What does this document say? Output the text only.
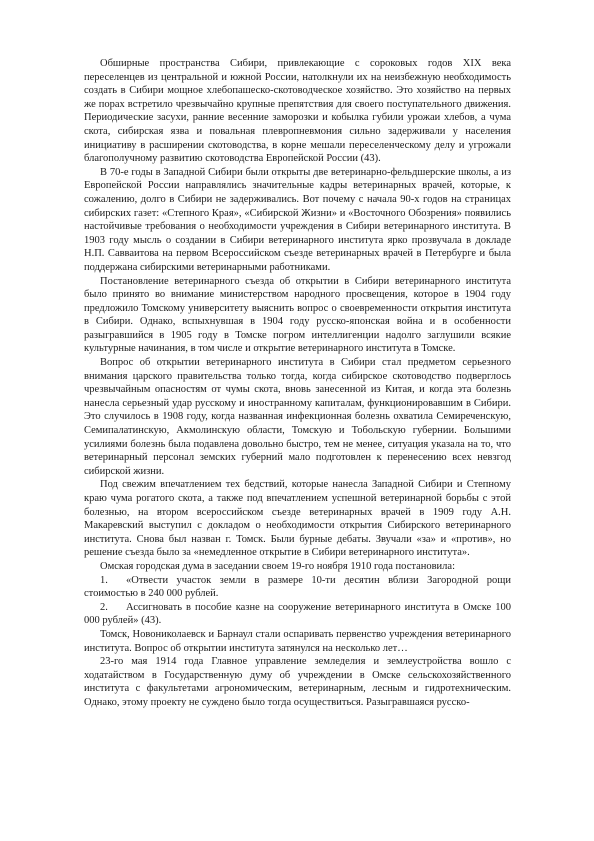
Обширные пространства Сибири, привлекающие с сороковых годов XIX века переселенцев из центральной и южной России, натолкнули их на неизбежную необходимость создать в Сибири мощное хлебопашеско-скотоводческое хозяйство. Это хозяйство на первых же порах встретило чрезвычайно крупные препятствия для своего поступательного движения. Периодические засухи, ранние весенние заморозки и кобылка губили урожаи хлебов, а чума скота, сибирская язва и повальная плевропневмония сильно задерживали у населения инициативу в расширении скотоводства, в корне мешали переселенческому делу и угрожали благополучному развитию скотоводства Европейской России (43).

В 70-е годы в Западной Сибири были открыты две ветеринарно-фельдшерские школы, а из Европейской России направлялись значительные кадры ветеринарных врачей, которые, к сожалению, долго в Сибири не задерживались. Вот почему с начала 90-х годов на страницах сибирских газет: «Степного Края», «Сибирской Жизни» и «Восточного Обозрения» появились настойчивые требования о необходимости учреждения в Сибири ветеринарного института. В 1903 году мысль о создании в Сибири ветеринарного института ярко прозвучала в докладе Н.П. Савваитова на первом Всероссийском съезде ветеринарных врачей в Петербурге и была поддержана сибирскими ветеринарными работниками.

Постановление ветеринарного съезда об открытии в Сибири ветеринарного института было принято во внимание министерством народного просвещения, которое в 1904 году предложило Томскому университету выяснить вопрос о своевременности открытия института в Сибири. Однако, вспыхнувшая в 1904 году русско-японская война и в особенности разыгравшийся в 1905 году в Томске погром интеллигенции надолго заглушили всякие культурные начинания, в том числе и открытие ветеринарного института в Томске.

Вопрос об открытии ветеринарного института в Сибири стал предметом серьезного внимания царского правительства только тогда, когда сибирское скотоводство подверглось чрезвычайным опасностям от чумы скота, вновь занесенной из Китая, и когда эта болезнь нанесла серьезный удар русскому и иностранному капиталам, функционировавшим в Сибири. Это случилось в 1908 году, когда названная инфекционная болезнь охватила Семиреченскую, Семипалатинскую, Акмолинскую области, Томскую и Тобольскую губернии. Большими усилиями болезнь была подавлена довольно быстро, тем не менее, ситуация указала на то, что ветеринарный персонал земских губерний мало подготовлен к перенесению всех невзгод сибирской жизни.

Под свежим впечатлением тех бедствий, которые нанесла Западной Сибири и Степному краю чума рогатого скота, а также под впечатлением успешной ветеринарной борьбы с этой болезнью, на втором всероссийском съезде ветеринарных врачей в 1909 году А.Н. Макаревский выступил с докладом о необходимости открытия Сибирского ветеринарного института. Снова был назван г. Томск. Были бурные дебаты. Звучали «за» и «против», но решение съезда было за «немедленное открытие в Сибири ветеринарного института».

Омская городская дума в заседании своем 19-го ноября 1910 года постановила:

1. «Отвести участок земли в размере 10-ти десятин вблизи Загородной рощи стоимостью в 240 000 рублей.

2. Ассигновать в пособие казне на сооружение ветеринарного института в Омске 100 000 рублей» (43).

Томск, Новониколаевск и Барнаул стали оспаривать первенство учреждения ветеринарного института. Вопрос об открытии института затянулся на несколько лет…

23-го мая 1914 года Главное управление земледелия и землеустройства вошло с ходатайством в Государственную думу об учреждении в Омске сельскохозяйственного института с факультетами агрономическим, ветеринарным, лесным и гидротехническим. Однако, этому проекту не суждено было тогда осуществиться. Разыгравшаяся русско-
